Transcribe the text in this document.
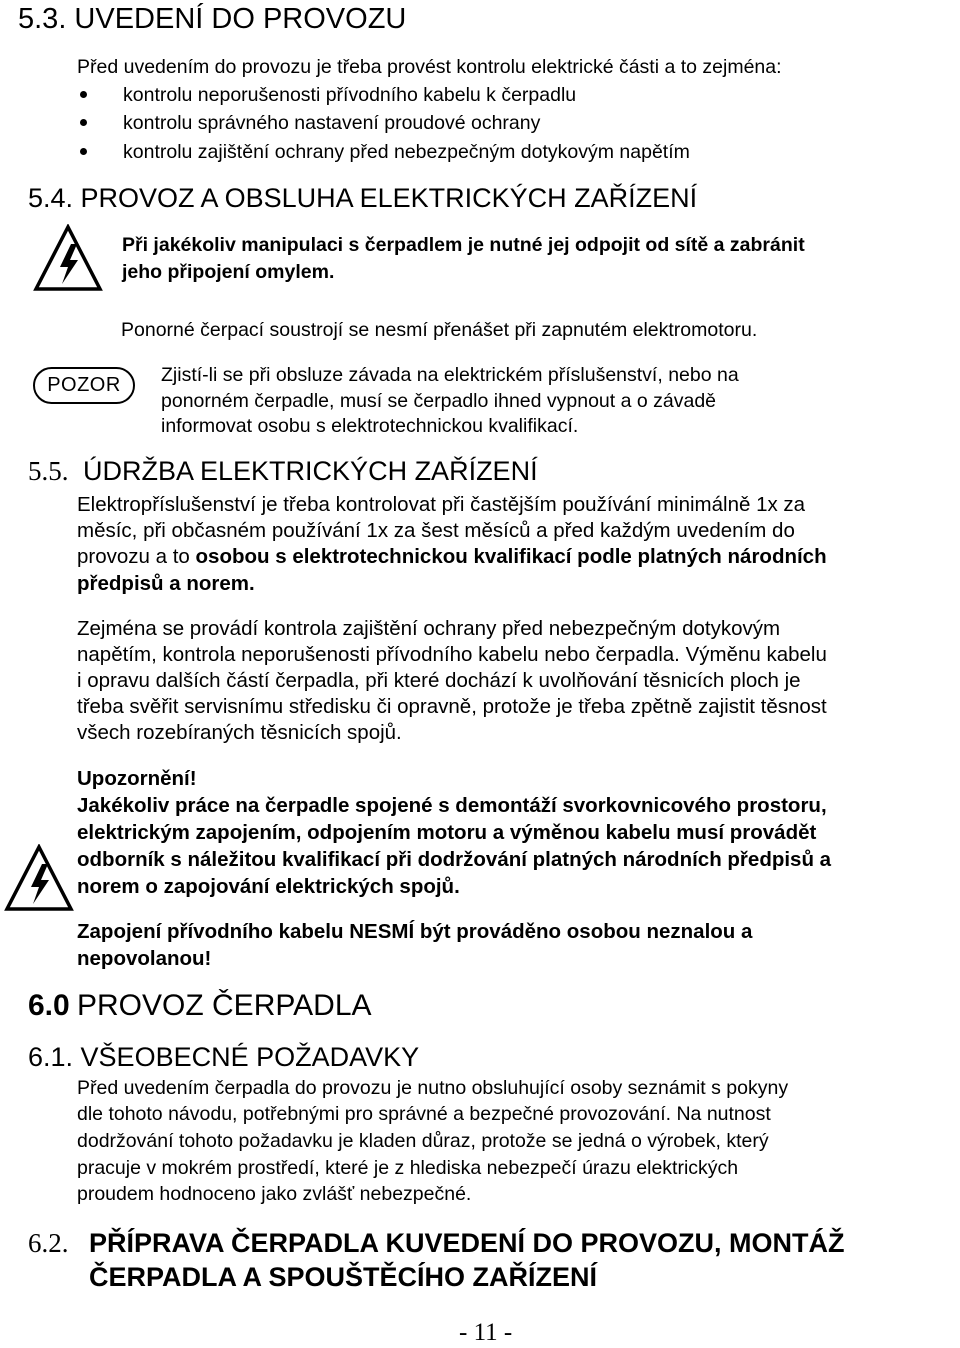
5.3. UVEDENÍ DO PROVOZU
Před uvedením do provozu je třeba provést kontrolu elektrické části a to zejména:
kontrolu neporušenosti přívodního kabelu k čerpadlu
kontrolu správného nastavení proudové ochrany
kontrolu zajištění ochrany před nebezpečným dotykovým napětím
5.4. PROVOZ A OBSLUHA ELEKTRICKÝCH ZAŘÍZENÍ
Při jakékoliv manipulaci s čerpadlem je nutné jej odpojit od sítě a zabránit
jeho připojení omylem.
Ponorné čerpací soustrojí se nesmí přenášet při zapnutém elektromotoru.
POZOR	Zjistí-li se při obsluze závada na elektrickém příslušenství, nebo na
ponorném čerpadle, musí se čerpadlo ihned vypnout a o závadě
informovat osobu s elektrotechnickou kvalifikací.
5.5. ÚDRŽBA ELEKTRICKÝCH ZAŘÍZENÍ
Elektropříslušenství je třeba kontrolovat při častějším používání minimálně 1x za
měsíc, při občasném používání 1x za šest měsíců a před každým uvedením do
provozu a to osobou s elektrotechnickou kvalifikací podle platných národních
předpisů a norem.
Zejména se provádí kontrola zajištění ochrany před nebezpečným dotykovým
napětím, kontrola neporušenosti přívodního kabelu nebo čerpadla. Výměnu kabelu
i opravu dalších částí čerpadla, při které dochází k uvolňování těsnicích ploch je
třeba svěřit servisnímu středisku či opravně, protože je třeba zpětně zajistit těsnost
všech rozebíraných těsnicích spojů.
Upozornění!
Jakékoliv práce na čerpadle spojené s demontáží svorkovnicového prostoru,
elektrickým zapojením, odpojením motoru a výměnou kabelu musí provádět
odborník s náležitou kvalifikací při dodržování platných národních předpisů a
norem o zapojování elektrických spojů.
Zapojení přívodního kabelu NESMÍ být prováděno osobou neznalou a
nepovolanou!
6.0 PROVOZ ČERPADLA
6.1. VŠEOBECNÉ POŽADAVKY
Před uvedením čerpadla do provozu je nutno obsluhující osoby seznámit s pokyny
dle tohoto návodu, potřebnými pro správné a bezpečné provozování. Na nutnost
dodržování tohoto požadavku je kladen důraz, protože se jedná o výrobek, který
pracuje v mokrém prostředí, které je z hlediska nebezpečí úrazu elektrických
proudem hodnoceno jako zvlášť nebezpečné.
6.2. PŘÍPRAVA ČERPADLA KUVEDENÍ DO PROVOZU, MONTÁŽ
ČERPADLA A SPOUŠTĚCÍHO ZAŘÍZENÍ
- 11 -
